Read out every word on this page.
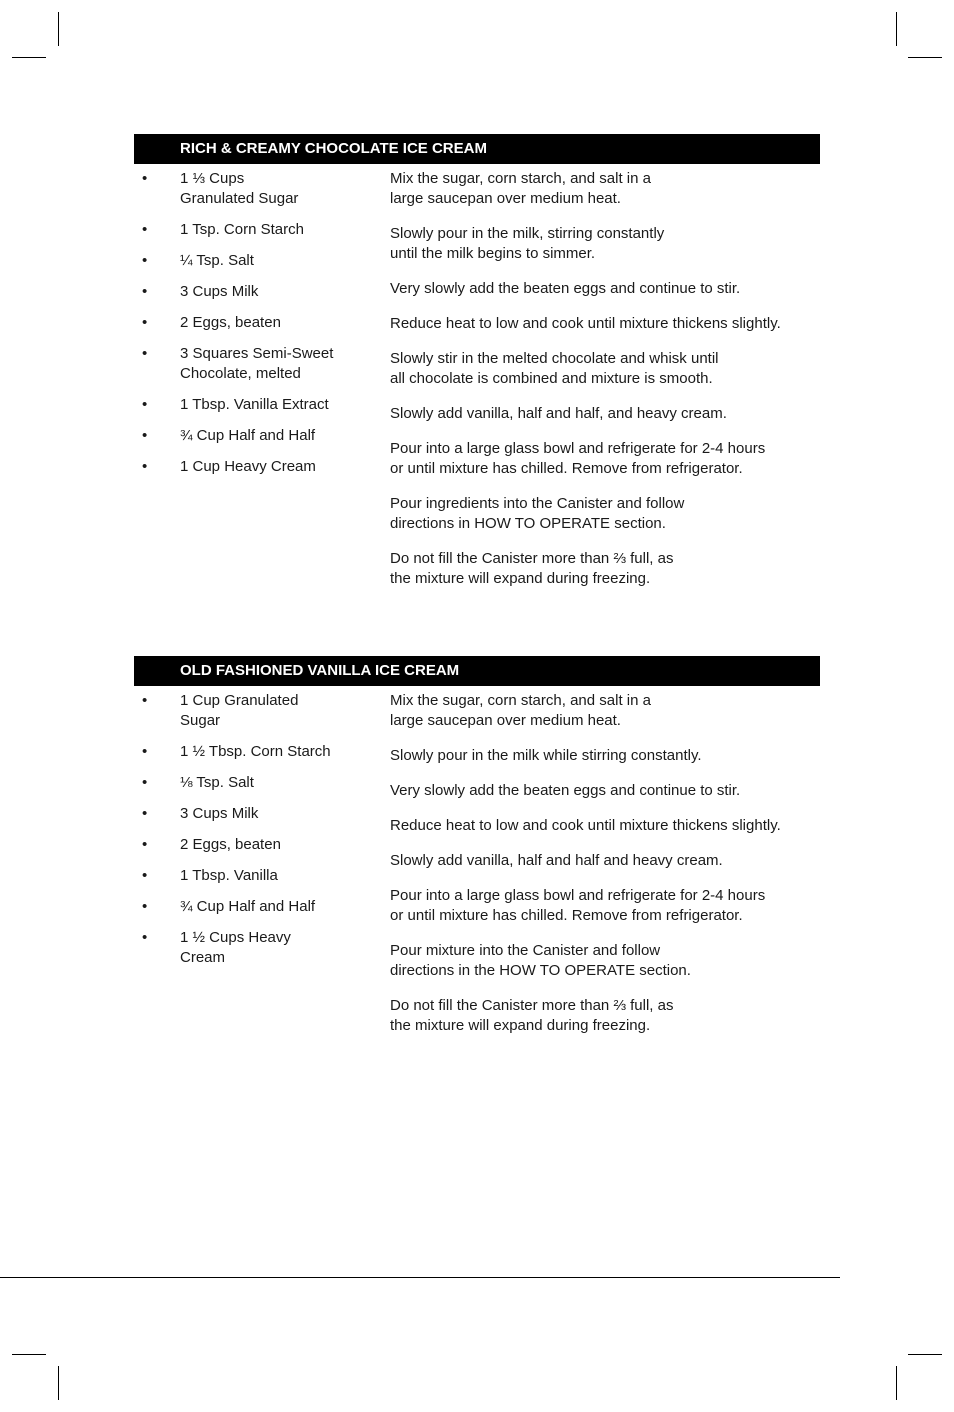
RICH & CREAMY CHOCOLATE ICE CREAM
• 1 ⅓ Cups
Granulated Sugar
• 1 Tsp. Corn Starch
• ¼ Tsp. Salt
• 3 Cups Milk
• 2 Eggs, beaten
• 3 Squares Semi-Sweet
Chocolate, melted
• 1 Tbsp. Vanilla Extract
• ¾ Cup Half and Half
• 1 Cup Heavy Cream
Mix the sugar, corn starch, and salt in a
large saucepan over medium heat.
Slowly pour in the milk, stirring constantly
until the milk begins to simmer.
Very slowly add the beaten eggs and continue to stir.
Reduce heat to low and cook until mixture thickens slightly.
Slowly stir in the melted chocolate and whisk until
all chocolate is combined and mixture is smooth.
Slowly add vanilla, half and half, and heavy cream.
Pour into a large glass bowl and refrigerate for 2-4 hours
or until mixture has chilled. Remove from refrigerator.
Pour ingredients into the Canister and follow
directions in HOW TO OPERATE section.
Do not fill the Canister more than ⅔ full, as
the mixture will expand during freezing.
OLD FASHIONED VANILLA ICE CREAM
• 1 Cup Granulated
Sugar
• 1 ½ Tbsp. Corn Starch
• ⅛ Tsp. Salt
• 3 Cups Milk
• 2 Eggs, beaten
• 1 Tbsp. Vanilla
• ¾ Cup Half and Half
• 1 ½ Cups Heavy
Cream
Mix the sugar, corn starch, and salt in a
large saucepan over medium heat.
Slowly pour in the milk while stirring constantly.
Very slowly add the beaten eggs and continue to stir.
Reduce heat to low and cook until mixture thickens slightly.
Slowly add vanilla, half and half and heavy cream.
Pour into a large glass bowl and refrigerate for 2-4 hours
or until mixture has chilled. Remove from refrigerator.
Pour mixture into the Canister and follow
directions in the HOW TO OPERATE section.
Do not fill the Canister more than ⅔ full, as
the mixture will expand during freezing.
